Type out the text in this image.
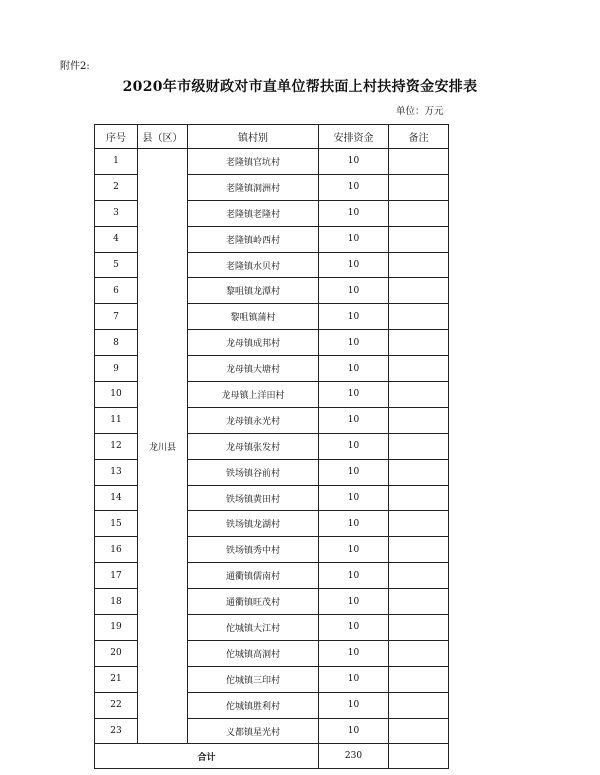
附件2:
2020年市级财政对市直单位帮扶面上村扶持资金安排表
单位：万元
序号	县（区）	镇村别	安排资金	备注
1	龙川县	老隆镇官坑村	10	
2		老隆镇洞洲村	10	
3		老隆镇老隆村	10	
4		老隆镇岭西村	10	
5		老隆镇水贝村	10	
6		黎咀镇龙潭村	10	
7		黎咀镇蒲村	10	
8		龙母镇成邦村	10	
9		龙母镇大塘村	10	
10		龙母镇上洋田村	10	
11		龙母镇永光村	10	
12		龙母镇张发村	10	
13		铁场镇谷前村	10	
14		铁场镇黄田村	10	
15		铁场镇龙湖村	10	
16		铁场镇秀中村	10	
17		通衢镇儒南村	10	
18		通衢镇旺茂村	10	
19		佗城镇大江村	10	
20		佗城镇高洞村	10	
21		佗城镇三印村	10	
22		佗城镇胜利村	10	
23		义都镇星光村	10	
合计			230	
